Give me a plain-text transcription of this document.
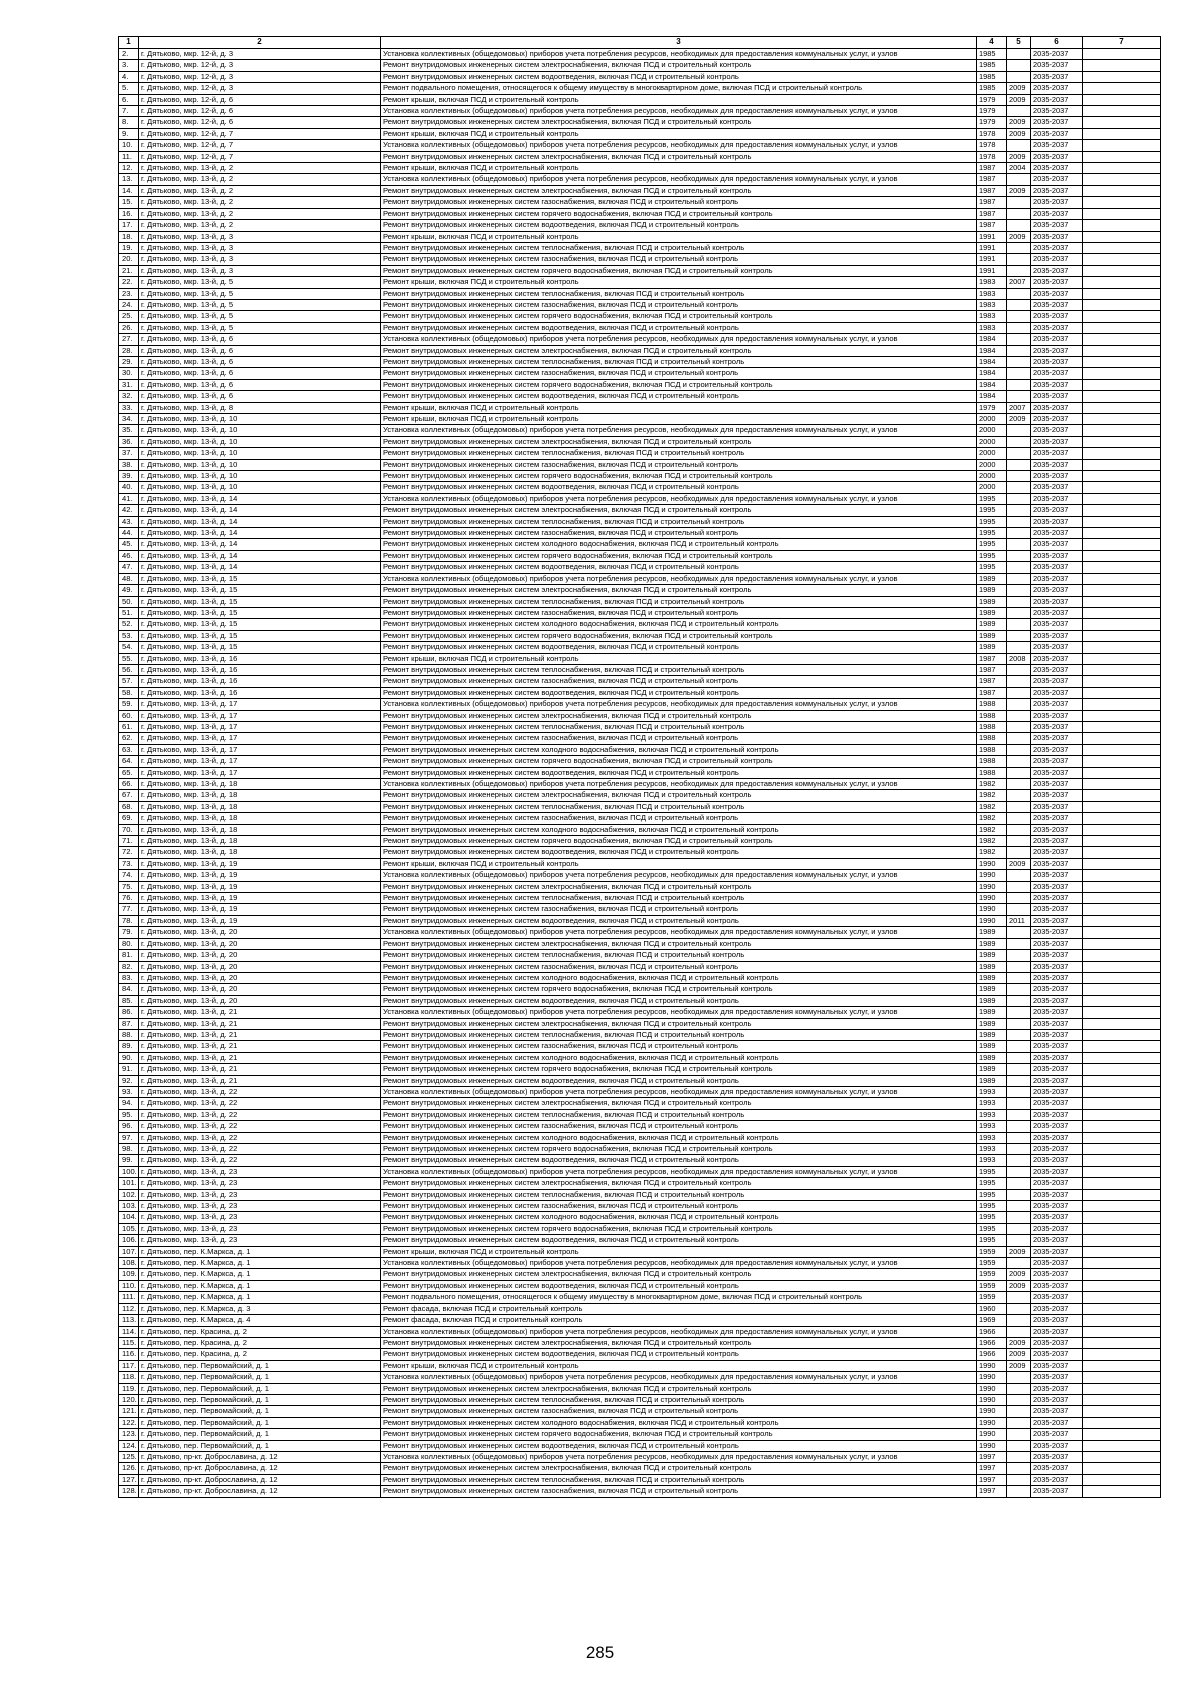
1	2	3	4	5	6	7
2.	г. Дятьково, мкр. 12-й, д. 3	Установка коллективных (общедомовых) приборов учета потребления ресурсов, необходимых для предоставления коммунальных услуг, и узлов	1985		2035-2037	
3.	г. Дятьково, мкр. 12-й, д. 3	Ремонт внутридомовых инженерных систем электроснабжения, включая ПСД и строительный контроль	1985		2035-2037	
4.	г. Дятьково, мкр. 12-й, д. 3	Ремонт внутридомовых инженерных систем водоотведения, включая ПСД и строительный контроль	1985		2035-2037	
5.	г. Дятьково, мкр. 12-й, д. 3	Ремонт подвального помещения, относящегося к общему имуществу в многоквартирном доме, включая ПСД и строительный контроль	1985	2009	2035-2037	
6.	г. Дятьково, мкр. 12-й, д. 6	Ремонт крыши, включая ПСД и строительный контроль	1979	2009	2035-2037	
7.	г. Дятьково, мкр. 12-й, д. 6	Установка коллективных (общедомовых) приборов учета потребления ресурсов, необходимых для предоставления коммунальных услуг, и узлов	1979		2035-2037	
8.	г. Дятьково, мкр. 12-й, д. 6	Ремонт внутридомовых инженерных систем электроснабжения, включая ПСД и строительный контроль	1979	2009	2035-2037	
9.	г. Дятьково, мкр. 12-й, д. 7	Ремонт крыши, включая ПСД и строительный контроль	1978	2009	2035-2037	
10.	г. Дятьково, мкр. 12-й, д. 7	Установка коллективных (общедомовых) приборов учета потребления ресурсов, необходимых для предоставления коммунальных услуг, и узлов	1978		2035-2037	
11.	г. Дятьково, мкр. 12-й, д. 7	Ремонт внутридомовых инженерных систем электроснабжения, включая ПСД и строительный контроль	1978	2009	2035-2037	
12.	г. Дятьково, мкр. 13-й, д. 2	Ремонт крыши, включая ПСД и строительный контроль	1987	2004	2035-2037	
13.	г. Дятьково, мкр. 13-й, д. 2	Установка коллективных (общедомовых) приборов учета потребления ресурсов, необходимых для предоставления коммунальных услуг, и узлов	1987		2035-2037	
14.	г. Дятьково, мкр. 13-й, д. 2	Ремонт внутридомовых инженерных систем электроснабжения, включая ПСД и строительный контроль	1987	2009	2035-2037	
15.	г. Дятьково, мкр. 13-й, д. 2	Ремонт внутридомовых инженерных систем газоснабжения, включая ПСД и строительный контроль	1987		2035-2037	
16.	г. Дятьково, мкр. 13-й, д. 2	Ремонт внутридомовых инженерных систем горячего водоснабжения, включая ПСД и строительный контроль	1987		2035-2037	
17.	г. Дятьково, мкр. 13-й, д. 2	Ремонт внутридомовых инженерных систем водоотведения, включая ПСД и строительный контроль	1987		2035-2037	
18.	г. Дятьково, мкр. 13-й, д. 3	Ремонт крыши, включая ПСД и строительный контроль	1991	2009	2035-2037	
19.	г. Дятьково, мкр. 13-й, д. 3	Ремонт внутридомовых инженерных систем теплоснабжения, включая ПСД и строительный контроль	1991		2035-2037	
20.	г. Дятьково, мкр. 13-й, д. 3	Ремонт внутридомовых инженерных систем газоснабжения, включая ПСД и строительный контроль	1991		2035-2037	
21.	г. Дятьково, мкр. 13-й, д. 3	Ремонт внутридомовых инженерных систем горячего водоснабжения, включая ПСД и строительный контроль	1991		2035-2037	
22.	г. Дятьково, мкр. 13-й, д. 5	Ремонт крыши, включая ПСД и строительный контроль	1983	2007	2035-2037	
23.	г. Дятьково, мкр. 13-й, д. 5	Ремонт внутридомовых инженерных систем теплоснабжения, включая ПСД и строительный контроль	1983		2035-2037	
24.	г. Дятьково, мкр. 13-й, д. 5	Ремонт внутридомовых инженерных систем газоснабжения, включая ПСД и строительный контроль	1983		2035-2037	
25.	г. Дятьково, мкр. 13-й, д. 5	Ремонт внутридомовых инженерных систем горячего водоснабжения, включая ПСД и строительный контроль	1983		2035-2037	
26.	г. Дятьково, мкр. 13-й, д. 5	Ремонт внутридомовых инженерных систем водоотведения, включая ПСД и строительный контроль	1983		2035-2037	
27.	г. Дятьково, мкр. 13-й, д. 6	Установка коллективных (общедомовых) приборов учета потребления ресурсов, необходимых для предоставления коммунальных услуг, и узлов	1984		2035-2037	
28.	г. Дятьково, мкр. 13-й, д. 6	Ремонт внутридомовых инженерных систем электроснабжения, включая ПСД и строительный контроль	1984		2035-2037	
29.	г. Дятьково, мкр. 13-й, д. 6	Ремонт внутридомовых инженерных систем теплоснабжения, включая ПСД и строительный контроль	1984		2035-2037	
30.	г. Дятьково, мкр. 13-й, д. 6	Ремонт внутридомовых инженерных систем газоснабжения, включая ПСД и строительный контроль	1984		2035-2037	
31.	г. Дятьково, мкр. 13-й, д. 6	Ремонт внутридомовых инженерных систем горячего водоснабжения, включая ПСД и строительный контроль	1984		2035-2037	
32.	г. Дятьково, мкр. 13-й, д. 6	Ремонт внутридомовых инженерных систем водоотведения, включая ПСД и строительный контроль	1984		2035-2037	
33.	г. Дятьково, мкр. 13-й, д. 8	Ремонт крыши, включая ПСД и строительный контроль	1979	2007	2035-2037	
34.	г. Дятьково, мкр. 13-й, д. 10	Ремонт крыши, включая ПСД и строительный контроль	2000	2009	2035-2037	
35.	г. Дятьково, мкр. 13-й, д. 10	Установка коллективных (общедомовых) приборов учета потребления ресурсов, необходимых для предоставления коммунальных услуг, и узлов	2000		2035-2037	
36.	г. Дятьково, мкр. 13-й, д. 10	Ремонт внутридомовых инженерных систем электроснабжения, включая ПСД и строительный контроль	2000		2035-2037	
37.	г. Дятьково, мкр. 13-й, д. 10	Ремонт внутридомовых инженерных систем теплоснабжения, включая ПСД и строительный контроль	2000		2035-2037	
38.	г. Дятьково, мкр. 13-й, д. 10	Ремонт внутридомовых инженерных систем газоснабжения, включая ПСД и строительный контроль	2000		2035-2037	
39.	г. Дятьково, мкр. 13-й, д. 10	Ремонт внутридомовых инженерных систем горячего водоснабжения, включая ПСД и строительный контроль	2000		2035-2037	
40.	г. Дятьково, мкр. 13-й, д. 10	Ремонт внутридомовых инженерных систем водоотведения, включая ПСД и строительный контроль	2000		2035-2037	
41.	г. Дятьково, мкр. 13-й, д. 14	Установка коллективных (общедомовых) приборов учета потребления ресурсов, необходимых для предоставления коммунальных услуг, и узлов	1995		2035-2037	
42.	г. Дятьково, мкр. 13-й, д. 14	Ремонт внутридомовых инженерных систем электроснабжения, включая ПСД и строительный контроль	1995		2035-2037	
43.	г. Дятьково, мкр. 13-й, д. 14	Ремонт внутридомовых инженерных систем теплоснабжения, включая ПСД и строительный контроль	1995		2035-2037	
44.	г. Дятьково, мкр. 13-й, д. 14	Ремонт внутридомовых инженерных систем газоснабжения, включая ПСД и строительный контроль	1995		2035-2037	
45.	г. Дятьково, мкр. 13-й, д. 14	Ремонт внутридомовых инженерных систем холодного водоснабжения, включая ПСД и строительный контроль	1995		2035-2037	
46.	г. Дятьково, мкр. 13-й, д. 14	Ремонт внутридомовых инженерных систем горячего водоснабжения, включая ПСД и строительный контроль	1995		2035-2037	
47.	г. Дятьково, мкр. 13-й, д. 14	Ремонт внутридомовых инженерных систем водоотведения, включая ПСД и строительный контроль	1995		2035-2037	
48.	г. Дятьково, мкр. 13-й, д. 15	Установка коллективных (общедомовых) приборов учета потребления ресурсов, необходимых для предоставления коммунальных услуг, и узлов	1989		2035-2037	
49.	г. Дятьково, мкр. 13-й, д. 15	Ремонт внутридомовых инженерных систем электроснабжения, включая ПСД и строительный контроль	1989		2035-2037	
50.	г. Дятьково, мкр. 13-й, д. 15	Ремонт внутридомовых инженерных систем теплоснабжения, включая ПСД и строительный контроль	1989		2035-2037	
51.	г. Дятьково, мкр. 13-й, д. 15	Ремонт внутридомовых инженерных систем газоснабжения, включая ПСД и строительный контроль	1989		2035-2037	
52.	г. Дятьково, мкр. 13-й, д. 15	Ремонт внутридомовых инженерных систем холодного водоснабжения, включая ПСД и строительный контроль	1989		2035-2037	
53.	г. Дятьково, мкр. 13-й, д. 15	Ремонт внутридомовых инженерных систем горячего водоснабжения, включая ПСД и строительный контроль	1989		2035-2037	
54.	г. Дятьково, мкр. 13-й, д. 15	Ремонт внутридомовых инженерных систем водоотведения, включая ПСД и строительный контроль	1989		2035-2037	
55.	г. Дятьково, мкр. 13-й, д. 16	Ремонт крыши, включая ПСД и строительный контроль	1987	2008	2035-2037	
56.	г. Дятьково, мкр. 13-й, д. 16	Ремонт внутридомовых инженерных систем теплоснабжения, включая ПСД и строительный контроль	1987		2035-2037	
57.	г. Дятьково, мкр. 13-й, д. 16	Ремонт внутридомовых инженерных систем газоснабжения, включая ПСД и строительный контроль	1987		2035-2037	
58.	г. Дятьково, мкр. 13-й, д. 16	Ремонт внутридомовых инженерных систем водоотведения, включая ПСД и строительный контроль	1987		2035-2037	
59.	г. Дятьково, мкр. 13-й, д. 17	Установка коллективных (общедомовых) приборов учета потребления ресурсов, необходимых для предоставления коммунальных услуг, и узлов	1988		2035-2037	
60.	г. Дятьково, мкр. 13-й, д. 17	Ремонт внутридомовых инженерных систем электроснабжения, включая ПСД и строительный контроль	1988		2035-2037	
61.	г. Дятьково, мкр. 13-й, д. 17	Ремонт внутридомовых инженерных систем теплоснабжения, включая ПСД и строительный контроль	1988		2035-2037	
62.	г. Дятьково, мкр. 13-й, д. 17	Ремонт внутридомовых инженерных систем газоснабжения, включая ПСД и строительный контроль	1988		2035-2037	
63.	г. Дятьково, мкр. 13-й, д. 17	Ремонт внутридомовых инженерных систем холодного водоснабжения, включая ПСД и строительный контроль	1988		2035-2037	
64.	г. Дятьково, мкр. 13-й, д. 17	Ремонт внутридомовых инженерных систем горячего водоснабжения, включая ПСД и строительный контроль	1988		2035-2037	
65.	г. Дятьково, мкр. 13-й, д. 17	Ремонт внутридомовых инженерных систем водоотведения, включая ПСД и строительный контроль	1988		2035-2037	
66.	г. Дятьково, мкр. 13-й, д. 18	Установка коллективных (общедомовых) приборов учета потребления ресурсов, необходимых для предоставления коммунальных услуг, и узлов	1982		2035-2037	
67.	г. Дятьково, мкр. 13-й, д. 18	Ремонт внутридомовых инженерных систем электроснабжения, включая ПСД и строительный контроль	1982		2035-2037	
68.	г. Дятьково, мкр. 13-й, д. 18	Ремонт внутридомовых инженерных систем теплоснабжения, включая ПСД и строительный контроль	1982		2035-2037	
69.	г. Дятьково, мкр. 13-й, д. 18	Ремонт внутридомовых инженерных систем газоснабжения, включая ПСД и строительный контроль	1982		2035-2037	
70.	г. Дятьково, мкр. 13-й, д. 18	Ремонт внутридомовых инженерных систем холодного водоснабжения, включая ПСД и строительный контроль	1982		2035-2037	
71.	г. Дятьково, мкр. 13-й, д. 18	Ремонт внутридомовых инженерных систем горячего водоснабжения, включая ПСД и строительный контроль	1982		2035-2037	
72.	г. Дятьково, мкр. 13-й, д. 18	Ремонт внутридомовых инженерных систем водоотведения, включая ПСД и строительный контроль	1982		2035-2037	
73.	г. Дятьково, мкр. 13-й, д. 19	Ремонт крыши, включая ПСД и строительный контроль	1990	2009	2035-2037	
74.	г. Дятьково, мкр. 13-й, д. 19	Установка коллективных (общедомовых) приборов учета потребления ресурсов, необходимых для предоставления коммунальных услуг, и узлов	1990		2035-2037	
75.	г. Дятьково, мкр. 13-й, д. 19	Ремонт внутридомовых инженерных систем электроснабжения, включая ПСД и строительный контроль	1990		2035-2037	
76.	г. Дятьково, мкр. 13-й, д. 19	Ремонт внутридомовых инженерных систем теплоснабжения, включая ПСД и строительный контроль	1990		2035-2037	
77.	г. Дятьково, мкр. 13-й, д. 19	Ремонт внутридомовых инженерных систем газоснабжения, включая ПСД и строительный контроль	1990		2035-2037	
78.	г. Дятьково, мкр. 13-й, д. 19	Ремонт внутридомовых инженерных систем водоотведения, включая ПСД и строительный контроль	1990	2011	2035-2037	
79.	г. Дятьково, мкр. 13-й, д. 20	Установка коллективных (общедомовых) приборов учета потребления ресурсов, необходимых для предоставления коммунальных услуг, и узлов	1989		2035-2037	
80.	г. Дятьково, мкр. 13-й, д. 20	Ремонт внутридомовых инженерных систем электроснабжения, включая ПСД и строительный контроль	1989		2035-2037	
81.	г. Дятьково, мкр. 13-й, д. 20	Ремонт внутридомовых инженерных систем теплоснабжения, включая ПСД и строительный контроль	1989		2035-2037	
82.	г. Дятьково, мкр. 13-й, д. 20	Ремонт внутридомовых инженерных систем газоснабжения, включая ПСД и строительный контроль	1989		2035-2037	
83.	г. Дятьково, мкр. 13-й, д. 20	Ремонт внутридомовых инженерных систем холодного водоснабжения, включая ПСД и строительный контроль	1989		2035-2037	
84.	г. Дятьково, мкр. 13-й, д. 20	Ремонт внутридомовых инженерных систем горячего водоснабжения, включая ПСД и строительный контроль	1989		2035-2037	
85.	г. Дятьково, мкр. 13-й, д. 20	Ремонт внутридомовых инженерных систем водоотведения, включая ПСД и строительный контроль	1989		2035-2037	
86.	г. Дятьково, мкр. 13-й, д. 21	Установка коллективных (общедомовых) приборов учета потребления ресурсов, необходимых для предоставления коммунальных услуг, и узлов	1989		2035-2037	
87.	г. Дятьково, мкр. 13-й, д. 21	Ремонт внутридомовых инженерных систем электроснабжения, включая ПСД и строительный контроль	1989		2035-2037	
88.	г. Дятьково, мкр. 13-й, д. 21	Ремонт внутридомовых инженерных систем теплоснабжения, включая ПСД и строительный контроль	1989		2035-2037	
89.	г. Дятьково, мкр. 13-й, д. 21	Ремонт внутридомовых инженерных систем газоснабжения, включая ПСД и строительный контроль	1989		2035-2037	
90.	г. Дятьково, мкр. 13-й, д. 21	Ремонт внутридомовых инженерных систем холодного водоснабжения, включая ПСД и строительный контроль	1989		2035-2037	
91.	г. Дятьково, мкр. 13-й, д. 21	Ремонт внутридомовых инженерных систем горячего водоснабжения, включая ПСД и строительный контроль	1989		2035-2037	
92.	г. Дятьково, мкр. 13-й, д. 21	Ремонт внутридомовых инженерных систем водоотведения, включая ПСД и строительный контроль	1989		2035-2037	
93.	г. Дятьково, мкр. 13-й, д. 22	Установка коллективных (общедомовых) приборов учета потребления ресурсов, необходимых для предоставления коммунальных услуг, и узлов	1993		2035-2037	
94.	г. Дятьково, мкр. 13-й, д. 22	Ремонт внутридомовых инженерных систем электроснабжения, включая ПСД и строительный контроль	1993		2035-2037	
95.	г. Дятьково, мкр. 13-й, д. 22	Ремонт внутридомовых инженерных систем теплоснабжения, включая ПСД и строительный контроль	1993		2035-2037	
96.	г. Дятьково, мкр. 13-й, д. 22	Ремонт внутридомовых инженерных систем газоснабжения, включая ПСД и строительный контроль	1993		2035-2037	
97.	г. Дятьково, мкр. 13-й, д. 22	Ремонт внутридомовых инженерных систем холодного водоснабжения, включая ПСД и строительный контроль	1993		2035-2037	
98.	г. Дятьково, мкр. 13-й, д. 22	Ремонт внутридомовых инженерных систем горячего водоснабжения, включая ПСД и строительный контроль	1993		2035-2037	
99.	г. Дятьково, мкр. 13-й, д. 22	Ремонт внутридомовых инженерных систем водоотведения, включая ПСД и строительный контроль	1993		2035-2037	
100.	г. Дятьково, мкр. 13-й, д. 23	Установка коллективных (общедомовых) приборов учета потребления ресурсов, необходимых для предоставления коммунальных услуг, и узлов	1995		2035-2037	
101.	г. Дятьково, мкр. 13-й, д. 23	Ремонт внутридомовых инженерных систем электроснабжения, включая ПСД и строительный контроль	1995		2035-2037	
102.	г. Дятьково, мкр. 13-й, д. 23	Ремонт внутридомовых инженерных систем теплоснабжения, включая ПСД и строительный контроль	1995		2035-2037	
103.	г. Дятьково, мкр. 13-й, д. 23	Ремонт внутридомовых инженерных систем газоснабжения, включая ПСД и строительный контроль	1995		2035-2037	
104.	г. Дятьково, мкр. 13-й, д. 23	Ремонт внутридомовых инженерных систем холодного водоснабжения, включая ПСД и строительный контроль	1995		2035-2037	
105.	г. Дятьково, мкр. 13-й, д. 23	Ремонт внутридомовых инженерных систем горячего водоснабжения, включая ПСД и строительный контроль	1995		2035-2037	
106.	г. Дятьково, мкр. 13-й, д. 23	Ремонт внутридомовых инженерных систем водоотведения, включая ПСД и строительный контроль	1995		2035-2037	
107.	г. Дятьково, пер. К.Маркса, д. 1	Ремонт крыши, включая ПСД и строительный контроль	1959	2009	2035-2037	
108.	г. Дятьково, пер. К.Маркса, д. 1	Установка коллективных (общедомовых) приборов учета потребления ресурсов, необходимых для предоставления коммунальных услуг, и узлов	1959		2035-2037	
109.	г. Дятьково, пер. К.Маркса, д. 1	Ремонт внутридомовых инженерных систем электроснабжения, включая ПСД и строительный контроль	1959	2009	2035-2037	
110.	г. Дятьково, пер. К.Маркса, д. 1	Ремонт внутридомовых инженерных систем водоотведения, включая ПСД и строительный контроль	1959	2009	2035-2037	
111.	г. Дятьково, пер. К.Маркса, д. 1	Ремонт подвального помещения, относящегося к общему имуществу в многоквартирном доме, включая ПСД и строительный контроль	1959		2035-2037	
112.	г. Дятьково, пер. К.Маркса, д. 3	Ремонт фасада, включая ПСД и строительный контроль	1960		2035-2037	
113.	г. Дятьково, пер. К.Маркса, д. 4	Ремонт фасада, включая ПСД и строительный контроль	1969		2035-2037	
114.	г. Дятьково, пер. Красина, д. 2	Установка коллективных (общедомовых) приборов учета потребления ресурсов, необходимых для предоставления коммунальных услуг, и узлов	1966		2035-2037	
115.	г. Дятьково, пер. Красина, д. 2	Ремонт внутридомовых инженерных систем электроснабжения, включая ПСД и строительный контроль	1966	2009	2035-2037	
116.	г. Дятьково, пер. Красина, д. 2	Ремонт внутридомовых инженерных систем водоотведения, включая ПСД и строительный контроль	1966	2009	2035-2037	
117.	г. Дятьково, пер. Первомайский, д. 1	Ремонт крыши, включая ПСД и строительный контроль	1990	2009	2035-2037	
118.	г. Дятьково, пер. Первомайский, д. 1	Установка коллективных (общедомовых) приборов учета потребления ресурсов, необходимых для предоставления коммунальных услуг, и узлов	1990		2035-2037	
119.	г. Дятьково, пер. Первомайский, д. 1	Ремонт внутридомовых инженерных систем электроснабжения, включая ПСД и строительный контроль	1990		2035-2037	
120.	г. Дятьково, пер. Первомайский, д. 1	Ремонт внутридомовых инженерных систем теплоснабжения, включая ПСД и строительный контроль	1990		2035-2037	
121.	г. Дятьково, пер. Первомайский, д. 1	Ремонт внутридомовых инженерных систем газоснабжения, включая ПСД и строительный контроль	1990		2035-2037	
122.	г. Дятьково, пер. Первомайский, д. 1	Ремонт внутридомовых инженерных систем холодного водоснабжения, включая ПСД и строительный контроль	1990		2035-2037	
123.	г. Дятьково, пер. Первомайский, д. 1	Ремонт внутридомовых инженерных систем горячего водоснабжения, включая ПСД и строительный контроль	1990		2035-2037	
124.	г. Дятьково, пер. Первомайский, д. 1	Ремонт внутридомовых инженерных систем водоотведения, включая ПСД и строительный контроль	1990		2035-2037	
125.	г. Дятьково, пр-кт. Доброславина, д. 12	Установка коллективных (общедомовых) приборов учета потребления ресурсов, необходимых для предоставления коммунальных услуг, и узлов	1997		2035-2037	
126.	г. Дятьково, пр-кт. Доброславина, д. 12	Ремонт внутридомовых инженерных систем электроснабжения, включая ПСД и строительный контроль	1997		2035-2037	
127.	г. Дятьково, пр-кт. Доброславина, д. 12	Ремонт внутридомовых инженерных систем теплоснабжения, включая ПСД и строительный контроль	1997		2035-2037	
128.	г. Дятьково, пр-кт. Доброславина, д. 12	Ремонт внутридомовых инженерных систем газоснабжения, включая ПСД и строительный контроль	1997		2035-2037	
285
